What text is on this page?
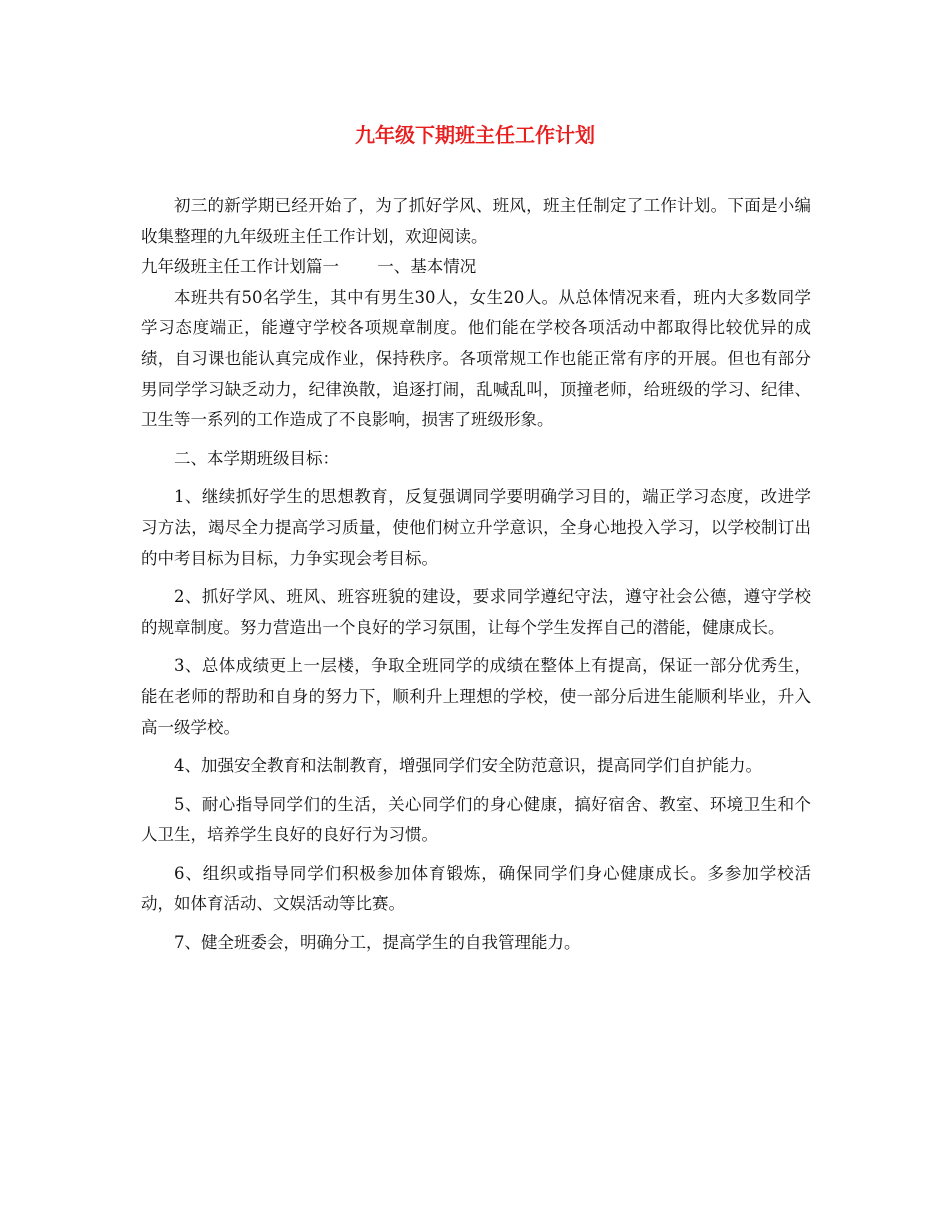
九年级下期班主任工作计划

初三的新学期已经开始了，为了抓好学风、班风，班主任制定了工作计划。下面是小编收集整理的九年级班主任工作计划，欢迎阅读。

九年级班主任工作计划篇一　　 一、基本情况

本班共有50名学生，其中有男生30人，女生20人。从总体情况来看，班内大多数同学学习态度端正，能遵守学校各项规章制度。他们能在学校各项活动中都取得比较优异的成绩，自习课也能认真完成作业，保持秩序。各项常规工作也能正常有序的开展。但也有部分男同学学习缺乏动力，纪律涣散，追逐打闹，乱喊乱叫，顶撞老师，给班级的学习、纪律、卫生等一系列的工作造成了不良影响，损害了班级形象。

二、本学期班级目标：

1、继续抓好学生的思想教育，反复强调同学要明确学习目的，端正学习态度，改进学习方法，竭尽全力提高学习质量，使他们树立升学意识，全身心地投入学习，以学校制订出的中考目标为目标，力争实现会考目标。

2、抓好学风、班风、班容班貌的建设，要求同学遵纪守法，遵守社会公德，遵守学校的规章制度。努力营造出一个良好的学习氛围，让每个学生发挥自己的潜能，健康成长。

3、总体成绩更上一层楼，争取全班同学的成绩在整体上有提高，保证一部分优秀生，能在老师的帮助和自身的努力下，顺利升上理想的学校，使一部分后进生能顺利毕业，升入高一级学校。

4、加强安全教育和法制教育，增强同学们安全防范意识，提高同学们自护能力。

5、耐心指导同学们的生活，关心同学们的身心健康，搞好宿舍、教室、环境卫生和个人卫生，培养学生良好的良好行为习惯。

6、组织或指导同学们积极参加体育锻炼，确保同学们身心健康成长。多参加学校活动，如体育活动、文娱活动等比赛。

7、健全班委会，明确分工，提高学生的自我管理能力。
